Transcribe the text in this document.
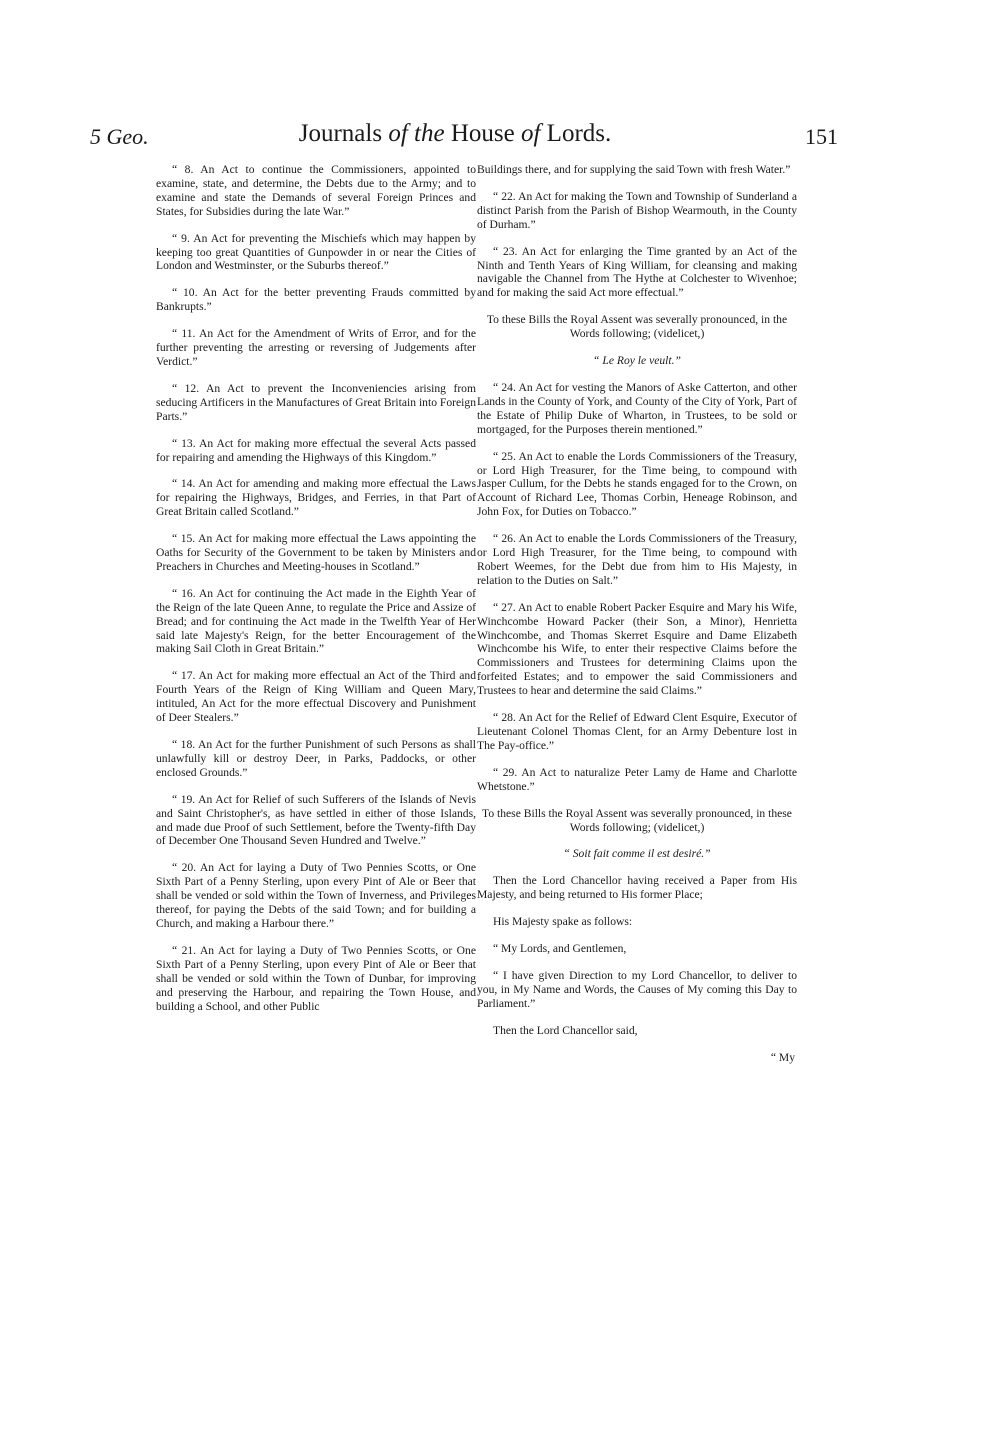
5 Geo.	Journals of the House of Lords.	151

“ 8. An Act to continue the Commissioners, appointed to examine, state, and determine, the Debts due to the Army; and to examine and state the Demands of several Foreign Princes and States, for Subsidies during the late War.”

“ 9. An Act for preventing the Mischiefs which may happen by keeping too great Quantities of Gunpowder in or near the Cities of London and Westminster, or the Suburbs thereof.”

“ 10. An Act for the better preventing Frauds committed by Bankrupts.”

“ 11. An Act for the Amendment of Writs of Error, and for the further preventing the arresting or reversing of Judgements after Verdict.”

“ 12. An Act to prevent the Inconveniencies arising from seducing Artificers in the Manufactures of Great Britain into Foreign Parts.”

“ 13. An Act for making more effectual the several Acts passed for repairing and amending the Highways of this Kingdom.”

“ 14. An Act for amending and making more effectual the Laws for repairing the Highways, Bridges, and Ferries, in that Part of Great Britain called Scotland.”

“ 15. An Act for making more effectual the Laws appointing the Oaths for Security of the Government to be taken by Ministers and Preachers in Churches and Meeting-houses in Scotland.”

“ 16. An Act for continuing the Act made in the Eighth Year of the Reign of the late Queen Anne, to regulate the Price and Assize of Bread; and for continuing the Act made in the Twelfth Year of Her said late Majesty's Reign, for the better Encouragement of the making Sail Cloth in Great Britain.”

“ 17. An Act for making more effectual an Act of the Third and Fourth Years of the Reign of King William and Queen Mary, intituled, An Act for the more effectual Discovery and Punishment of Deer Stealers.”

“ 18. An Act for the further Punishment of such Persons as shall unlawfully kill or destroy Deer, in Parks, Paddocks, or other enclosed Grounds.”

“ 19. An Act for Relief of such Sufferers of the Islands of Nevis and Saint Christopher's, as have settled in either of those Islands, and made due Proof of such Settlement, before the Twenty-fifth Day of December One Thousand Seven Hundred and Twelve.”

“ 20. An Act for laying a Duty of Two Pennies Scotts, or One Sixth Part of a Penny Sterling, upon every Pint of Ale or Beer that shall be vended or sold within the Town of Inverness, and Privileges thereof, for paying the Debts of the said Town; and for building a Church, and making a Harbour there.”

“ 21. An Act for laying a Duty of Two Pennies Scotts, or One Sixth Part of a Penny Sterling, upon every Pint of Ale or Beer that shall be vended or sold within the Town of Dunbar, for improving and preserving the Harbour, and repairing the Town House, and building a School, and other Public

Buildings there, and for supplying the said Town with fresh Water.”

“ 22. An Act for making the Town and Township of Sunderland a distinct Parish from the Parish of Bishop Wearmouth, in the County of Durham.”

“ 23. An Act for enlarging the Time granted by an Act of the Ninth and Tenth Years of King William, for cleansing and making navigable the Channel from The Hythe at Colchester to Wivenhoe; and for making the said Act more effectual.”

To these Bills the Royal Assent was severally pronounced, in the Words following; (videlicet,)

“ Le Roy le veult.”

“ 24. An Act for vesting the Manors of Aske Catterton, and other Lands in the County of York, and County of the City of York, Part of the Estate of Philip Duke of Wharton, in Trustees, to be sold or mortgaged, for the Purposes therein mentioned.”

“ 25. An Act to enable the Lords Commissioners of the Treasury, or Lord High Treasurer, for the Time being, to compound with Jasper Cullum, for the Debts he stands engaged for to the Crown, on Account of Richard Lee, Thomas Corbin, Heneage Robinson, and John Fox, for Duties on Tobacco.”

“ 26. An Act to enable the Lords Commissioners of the Treasury, or Lord High Treasurer, for the Time being, to compound with Robert Weemes, for the Debt due from him to His Majesty, in relation to the Duties on Salt.”

“ 27. An Act to enable Robert Packer Esquire and Mary his Wife, Winchcombe Howard Packer (their Son, a Minor), Henrietta Winchcombe, and Thomas Skerret Esquire and Dame Elizabeth Winchcombe his Wife, to enter their respective Claims before the Commissioners and Trustees for determining Claims upon the forfeited Estates; and to empower the said Commissioners and Trustees to hear and determine the said Claims.”

“ 28. An Act for the Relief of Edward Clent Esquire, Executor of Lieutenant Colonel Thomas Clent, for an Army Debenture lost in The Pay-office.”

“ 29. An Act to naturalize Peter Lamy de Hame and Charlotte Whetstone.”

To these Bills the Royal Assent was severally pronounced, in these Words following; (videlicet,)

“ Soit fait comme il est desiré.”

Then the Lord Chancellor having received a Paper from His Majesty, and being returned to His former Place;

His Majesty spake as follows:

“ My Lords, and Gentlemen,

“ I have given Direction to my Lord Chancellor, to deliver to you, in My Name and Words, the Causes of My coming this Day to Parliament.”

Then the Lord Chancellor said,

“ My
